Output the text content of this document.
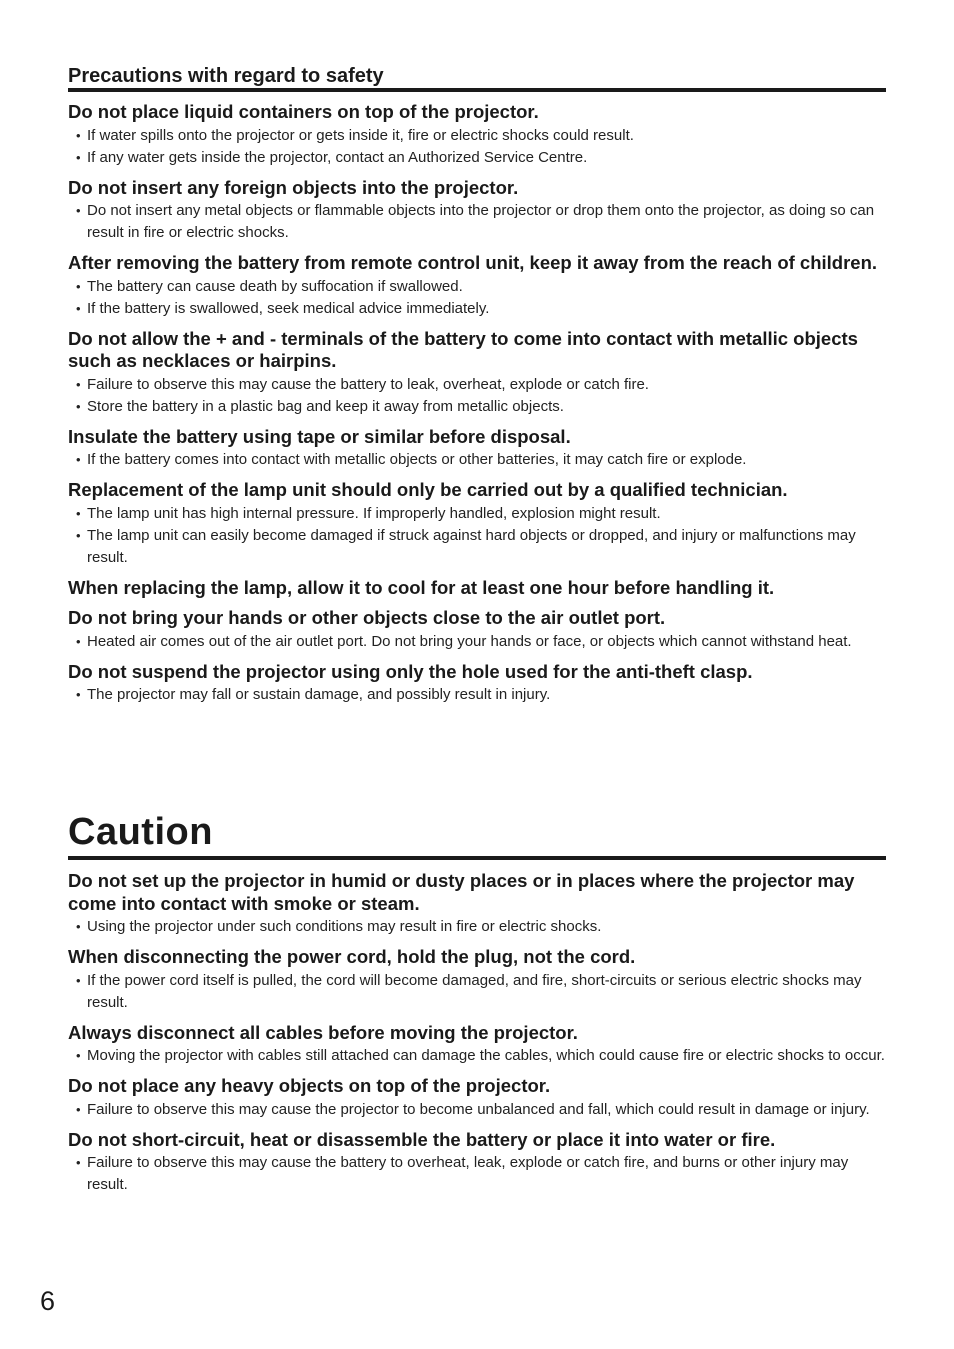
Precautions with regard to safety
Do not place liquid containers on top of the projector.
• If water spills onto the projector or gets inside it, fire or electric shocks could result.
• If any water gets inside the projector, contact an Authorized Service Centre.
Do not insert any foreign objects into the projector.
• Do not insert any metal objects or flammable objects into the projector or drop them onto the projector, as doing so can result in fire or electric shocks.
After removing the battery from remote control unit, keep it away from the reach of children.
• The battery can cause death by suffocation if swallowed.
• If the battery is swallowed, seek medical advice immediately.
Do not allow the + and - terminals of the battery to come into contact with metallic objects such as necklaces or hairpins.
• Failure to observe this may cause the battery to leak, overheat, explode or catch fire.
• Store the battery in a plastic bag and keep it away from metallic objects.
Insulate the battery using tape or similar before disposal.
• If the battery comes into contact with metallic objects or other batteries, it may catch fire or explode.
Replacement of the lamp unit should only be carried out by a qualified technician.
• The lamp unit has high internal pressure. If improperly handled, explosion might result.
• The lamp unit can easily become damaged if struck against hard objects or dropped, and injury or malfunctions may result.
When replacing the lamp, allow it to cool for at least one hour before handling it.
Do not bring your hands or other objects close to the air outlet port.
• Heated air comes out of the air outlet port. Do not bring your hands or face, or objects which cannot withstand heat.
Do not suspend the projector using only the hole used for the anti-theft clasp.
• The projector may fall or sustain damage, and possibly result in injury.
Caution
Do not set up the projector in humid or dusty places or in places where the projector may come into contact with smoke or steam.
• Using the projector under such conditions may result in fire or electric shocks.
When disconnecting the power cord, hold the plug, not the cord.
• If the power cord itself is pulled, the cord will become damaged, and fire, short-circuits or serious electric shocks may result.
Always disconnect all cables before moving the projector.
• Moving the projector with cables still attached can damage the cables, which could cause fire or electric shocks to occur.
Do not place any heavy objects on top of the projector.
• Failure to observe this may cause the projector to become unbalanced and fall, which could result in damage or injury.
Do not short-circuit, heat or disassemble the battery or place it into water or fire.
• Failure to observe this may cause the battery to overheat, leak, explode or catch fire, and burns or other injury may result.
6
